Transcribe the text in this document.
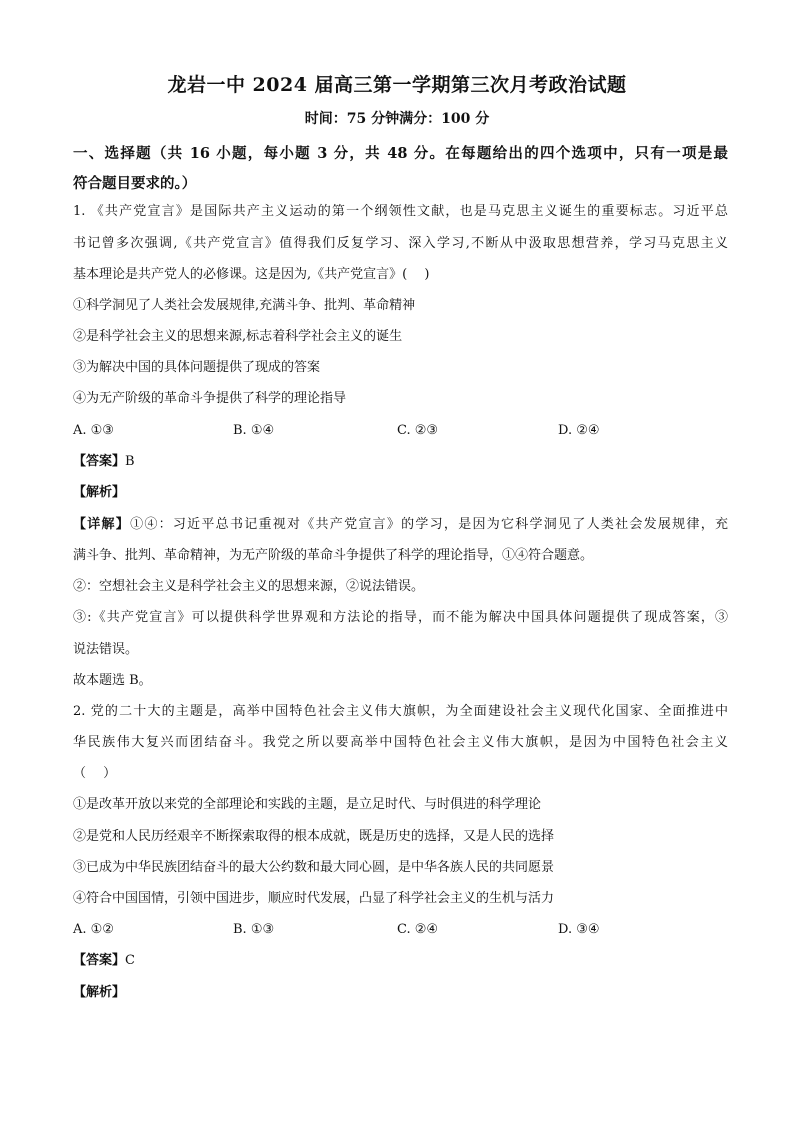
龙岩一中 2024 届高三第一学期第三次月考政治试题
时间：75 分钟满分：100 分
一、选择题（共 16 小题，每小题 3 分，共 48 分。在每题给出的四个选项中，只有一项是最
符合题目要求的。）
1. 《共产党宣言》是国际共产主义运动的第一个纲领性文献，也是马克思主义诞生的重要标志。习近平总
书记曾多次强调,《共产党宣言》值得我们反复学习、深入学习,不断从中汲取思想营养，学习马克思主义
基本理论是共产党人的必修课。这是因为,《共产党宣言》(　 )
①科学洞见了人类社会发展规律,充满斗争、批判、革命精神
②是科学社会主义的思想来源,标志着科学社会主义的诞生
③为解决中国的具体问题提供了现成的答案
④为无产阶级的革命斗争提供了科学的理论指导
A. ①③	B. ①④	C. ②③	D. ②④
【答案】B
【解析】
【详解】①④：习近平总书记重视对《共产党宣言》的学习，是因为它科学洞见了人类社会发展规律，充
满斗争、批判、革命精神，为无产阶级的革命斗争提供了科学的理论指导，①④符合题意。
②：空想社会主义是科学社会主义的思想来源，②说法错误。
③:《共产党宣言》可以提供科学世界观和方法论的指导，而不能为解决中国具体问题提供了现成答案，③
说法错误。
故本题选 B。
2. 党的二十大的主题是，高举中国特色社会主义伟大旗帜，为全面建设社会主义现代化国家、全面推进中
华民族伟大复兴而团结奋斗。我党之所以要高举中国特色社会主义伟大旗帜，是因为中国特色社会主义
（　 ）
①是改革开放以来党的全部理论和实践的主题，是立足时代、与时俱进的科学理论
②是党和人民历经艰辛不断探索取得的根本成就，既是历史的选择，又是人民的选择
③已成为中华民族团结奋斗的最大公约数和最大同心圆，是中华各族人民的共同愿景
④符合中国国情，引领中国进步，顺应时代发展，凸显了科学社会主义的生机与活力
A. ①②	B. ①③	C. ②④	D. ③④
【答案】C
【解析】
